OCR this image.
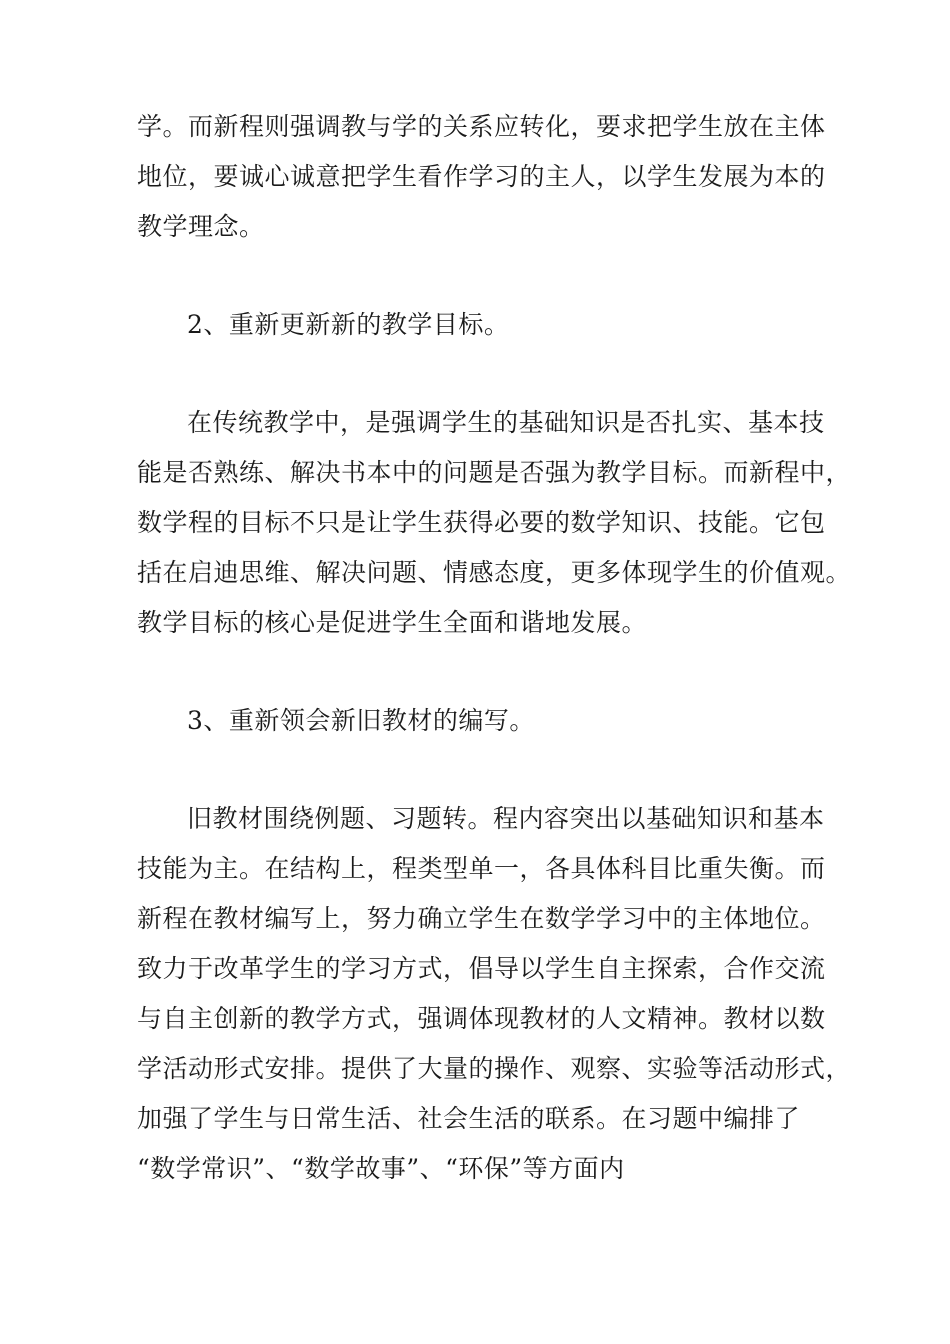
学。而新程则强调教与学的关系应转化，要求把学生放在主体
地位，要诚心诚意把学生看作学习的主人，以学生发展为本的
教学理念。
2、重新更新新的教学目标。
在传统教学中，是强调学生的基础知识是否扎实、基本技
能是否熟练、解决书本中的问题是否强为教学目标。而新程中，
数学程的目标不只是让学生获得必要的数学知识、技能。它包
括在启迪思维、解决问题、情感态度，更多体现学生的价值观。
教学目标的核心是促进学生全面和谐地发展。
3、重新领会新旧教材的编写。
旧教材围绕例题、习题转。程内容突出以基础知识和基本
技能为主。在结构上，程类型单一，各具体科目比重失衡。而
新程在教材编写上，努力确立学生在数学学习中的主体地位。
致力于改革学生的学习方式，倡导以学生自主探索，合作交流
与自主创新的教学方式，强调体现教材的人文精神。教材以数
学活动形式安排。提供了大量的操作、观察、实验等活动形式，
加强了学生与日常生活、社会生活的联系。在习题中编排了
“数学常识”、“数学故事”、“环保”等方面内
